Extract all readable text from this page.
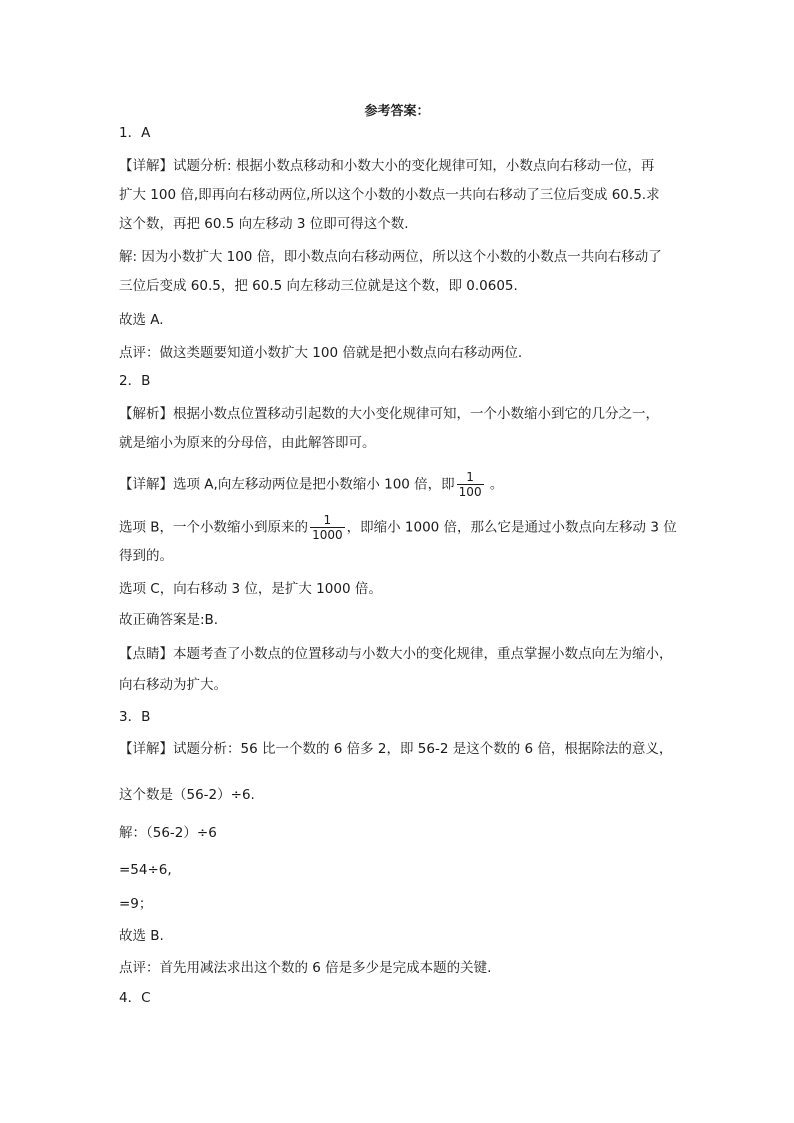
参考答案：
1．A
【详解】试题分析: 根据小数点移动和小数大小的变化规律可知，小数点向右移动一位，再
扩大 100 倍,即再向右移动两位,所以这个小数的小数点一共向右移动了三位后变成 60.5.求
这个数，再把 60.5 向左移动 3 位即可得这个数.
解: 因为小数扩大 100 倍，即小数点向右移动两位，所以这个小数的小数点一共向右移动了
三位后变成 60.5，把 60.5 向左移动三位就是这个数，即 0.0605.
故选 A.
点评：做这类题要知道小数扩大 100 倍就是把小数点向右移动两位.
2．B
【解析】根据小数点位置移动引起数的大小变化规律可知，一个小数缩小到它的几分之一，
就是缩小为原来的分母倍，由此解答即可。
【详解】选项 A,向左移动两位是把小数缩小 100 倍，即 $\frac{1}{100}$ 。
选项 B，一个小数缩小到原来的 $\frac{1}{1000}$ ，即缩小 1000 倍，那么它是通过小数点向左移动 3 位
得到的。
选项 C，向右移动 3 位，是扩大 1000 倍。
故正确答案是:B.
【点睛】本题考查了小数点的位置移动与小数大小的变化规律，重点掌握小数点向左为缩小，
向右移动为扩大。
3．B
【详解】试题分析：56 比一个数的 6 倍多 2，即 56-2 是这个数的 6 倍，根据除法的意义，
这个数是（56-2）÷6.
解：（56-2）÷6
=54÷6,
=9；
故选 B.
点评：首先用减法求出这个数的 6 倍是多少是完成本题的关键.
4．C
